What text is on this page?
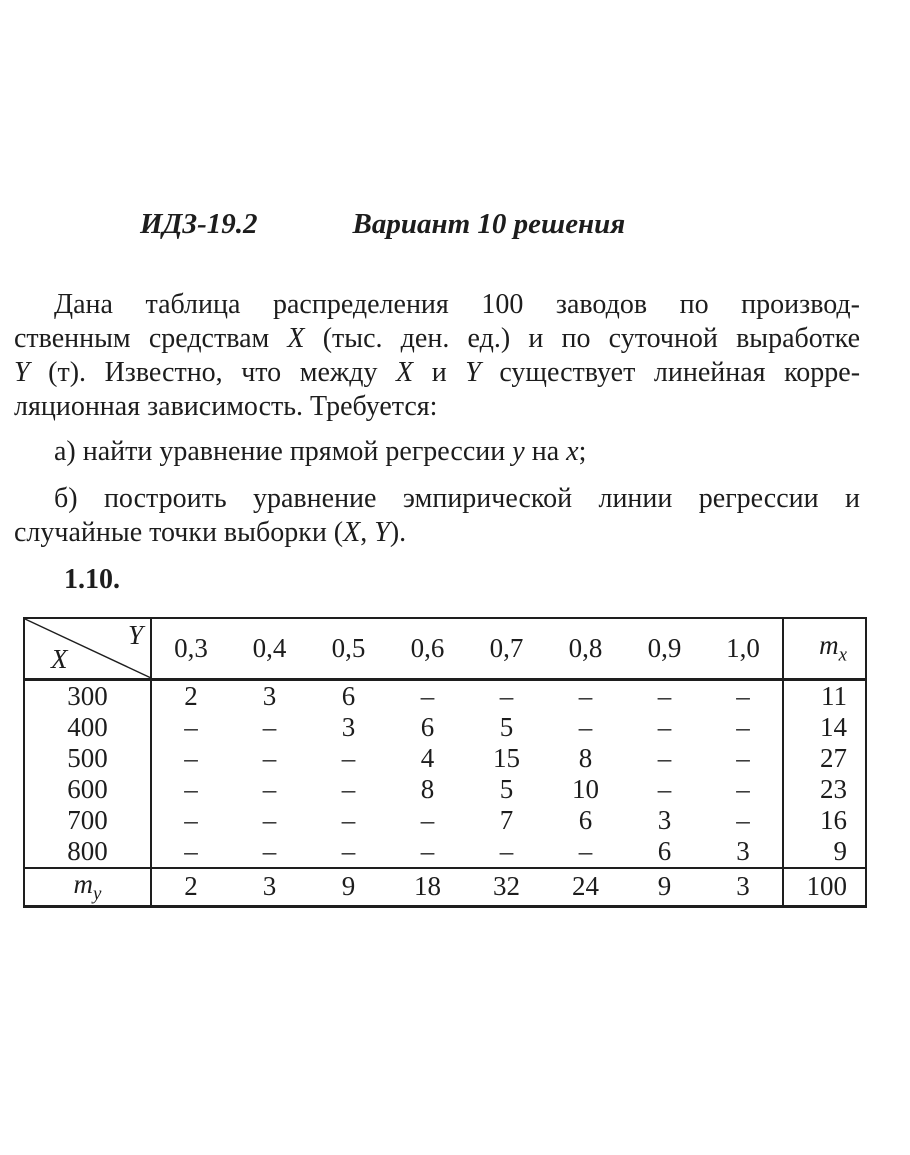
ИДЗ-19.2	Вариант 10 решения
Дана таблица распределения 100 заводов по производ-
ственным средствам X (тыс. ден. ед.) и по суточной выработке
Y (т). Известно, что между X и Y существует линейная корре-
ляционная зависимость. Требуется:
а) найти уравнение прямой регрессии y на x;
б) построить уравнение эмпирической линии регрессии и
случайные точки выборки (X, Y).
1.10.
Y
X	0,3	0,4	0,5	0,6	0,7	0,8	0,9	1,0	$m_x$
300	2	3	6	–	–	–	–	–	11
400	–	–	3	6	5	–	–	–	14
500	–	–	–	4	15	8	–	–	27
600	–	–	–	8	5	10	–	–	23
700	–	–	–	–	7	6	3	–	16
800	–	–	–	–	–	–	6	3	9
$m_y$	2	3	9	18	32	24	9	3	100
